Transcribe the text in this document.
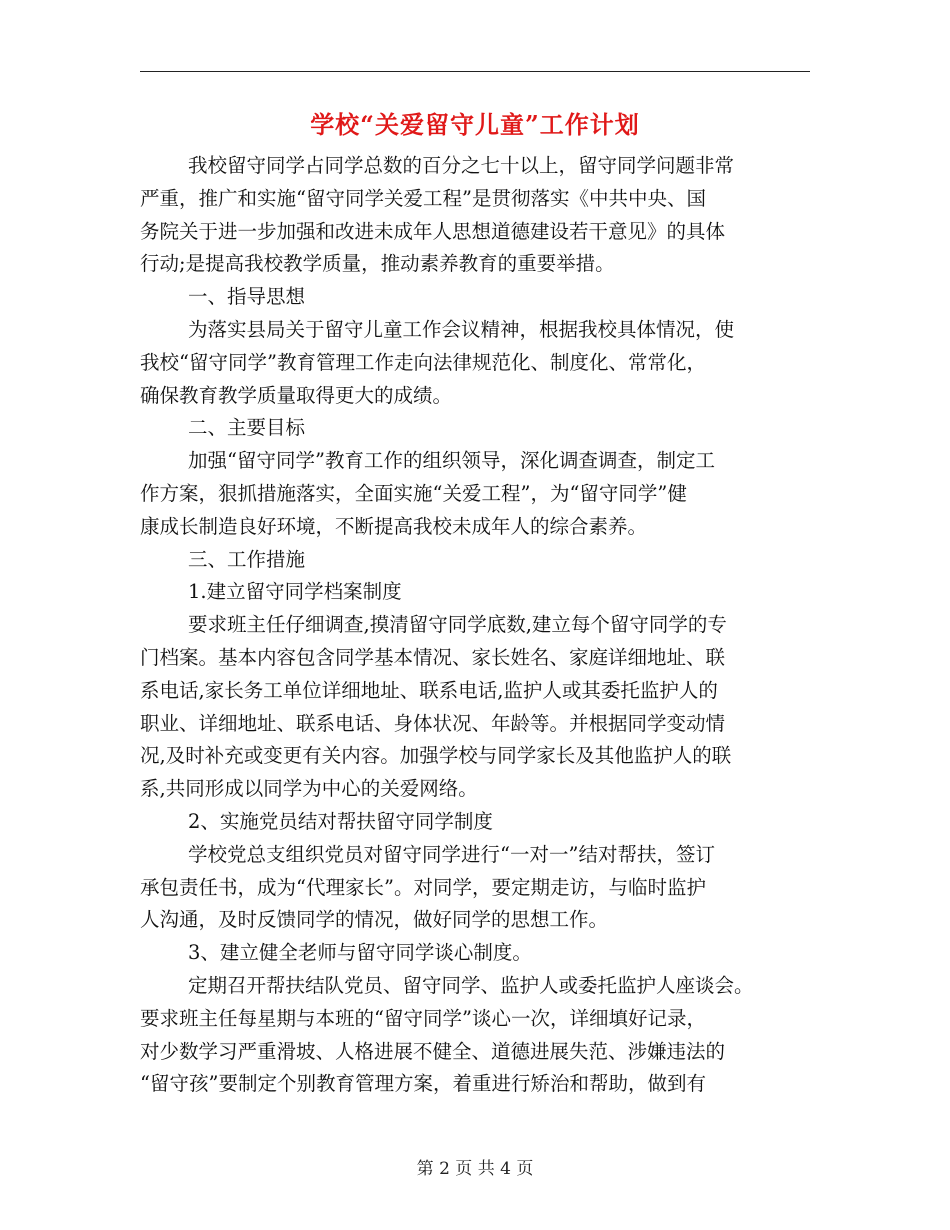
学校“关爱留守儿童”工作计划
我校留守同学占同学总数的百分之七十以上，留守同学问题非常
严重，推广和实施“留守同学关爱工程”是贯彻落实《中共中央、国
务院关于进一步加强和改进未成年人思想道德建设若干意见》的具体
行动;是提高我校教学质量，推动素养教育的重要举措。
一、指导思想
为落实县局关于留守儿童工作会议精神，根据我校具体情况，使
我校“留守同学”教育管理工作走向法律规范化、制度化、常常化，
确保教育教学质量取得更大的成绩。
二、主要目标
加强“留守同学”教育工作的组织领导，深化调查调查，制定工
作方案，狠抓措施落实，全面实施“关爱工程”，为“留守同学”健
康成长制造良好环境，不断提高我校未成年人的综合素养。
三、工作措施
1.建立留守同学档案制度
要求班主任仔细调查,摸清留守同学底数,建立每个留守同学的专
门档案。基本内容包含同学基本情况、家长姓名、家庭详细地址、联
系电话,家长务工单位详细地址、联系电话,监护人或其委托监护人的
职业、详细地址、联系电话、身体状况、年龄等。并根据同学变动情
况,及时补充或变更有关内容。加强学校与同学家长及其他监护人的联
系,共同形成以同学为中心的关爱网络。
2、实施党员结对帮扶留守同学制度
学校党总支组织党员对留守同学进行“一对一”结对帮扶，签订
承包责任书，成为“代理家长”。对同学，要定期走访，与临时监护
人沟通，及时反馈同学的情况，做好同学的思想工作。
3、建立健全老师与留守同学谈心制度。
定期召开帮扶结队党员、留守同学、监护人或委托监护人座谈会。
要求班主任每星期与本班的“留守同学”谈心一次，详细填好记录，
对少数学习严重滑坡、人格进展不健全、道德进展失范、涉嫌违法的
“留守孩”要制定个别教育管理方案，着重进行矫治和帮助，做到有
第 2 页 共 4 页
